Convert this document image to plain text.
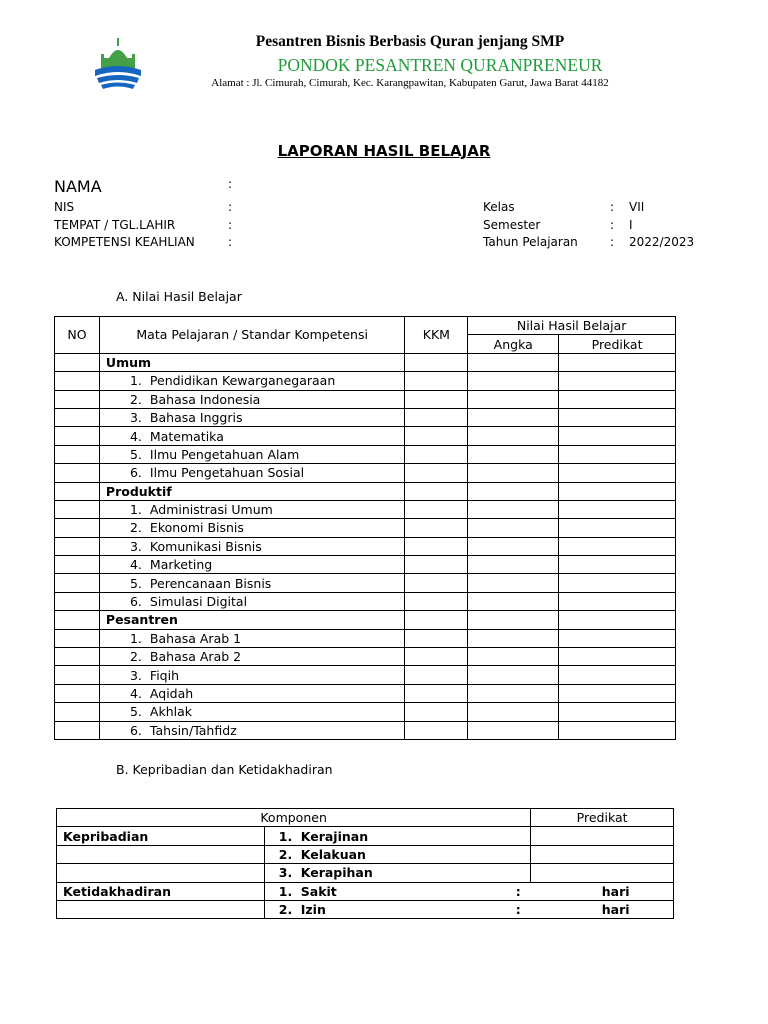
Pesantren Bisnis Berbasis Quran jenjang SMP
PONDOK PESANTREN QURANPRENEUR
Alamat : Jl. Cimurah, Cimurah, Kec. Karangpawitan, Kabupaten Garut, Jawa Barat 44182
LAPORAN HASIL BELAJAR
NAMA	:
NIS	:
TEMPAT / TGL.LAHIR	:
KOMPETENSI KEAHLIAN	:
Kelas	: VII
Semester	: I
Tahun Pelajaran	: 2022/2023
A. Nilai Hasil Belajar
NO	Mata Pelajaran / Standar Kompetensi	KKM	Nilai Hasil Belajar	
			Angka	Predikat
	Umum			
	1. Pendidikan Kewarganegaraan			
	2. Bahasa Indonesia			
	3. Bahasa Inggris			
	4. Matematika			
	5. Ilmu Pengetahuan Alam			
	6. Ilmu Pengetahuan Sosial			
	Produktif			
	1. Administrasi Umum			
	2. Ekonomi Bisnis			
	3. Komunikasi Bisnis			
	4. Marketing			
	5. Perencanaan Bisnis			
	6. Simulasi Digital			
	Pesantren			
	1. Bahasa Arab 1			
	2. Bahasa Arab 2			
	3. Fiqih			
	4. Aqidah			
	5. Akhlak			
	6. Tahsin/Tahfidz			
B. Kepribadian dan Ketidakhadiran
Komponen		Predikat
Kepribadian	1. Kerajinan	
	2. Kelakuan	
	3. Kerapihan	
Ketidakhadiran	1. Sakit : hari	

	2. Izin : hari	
